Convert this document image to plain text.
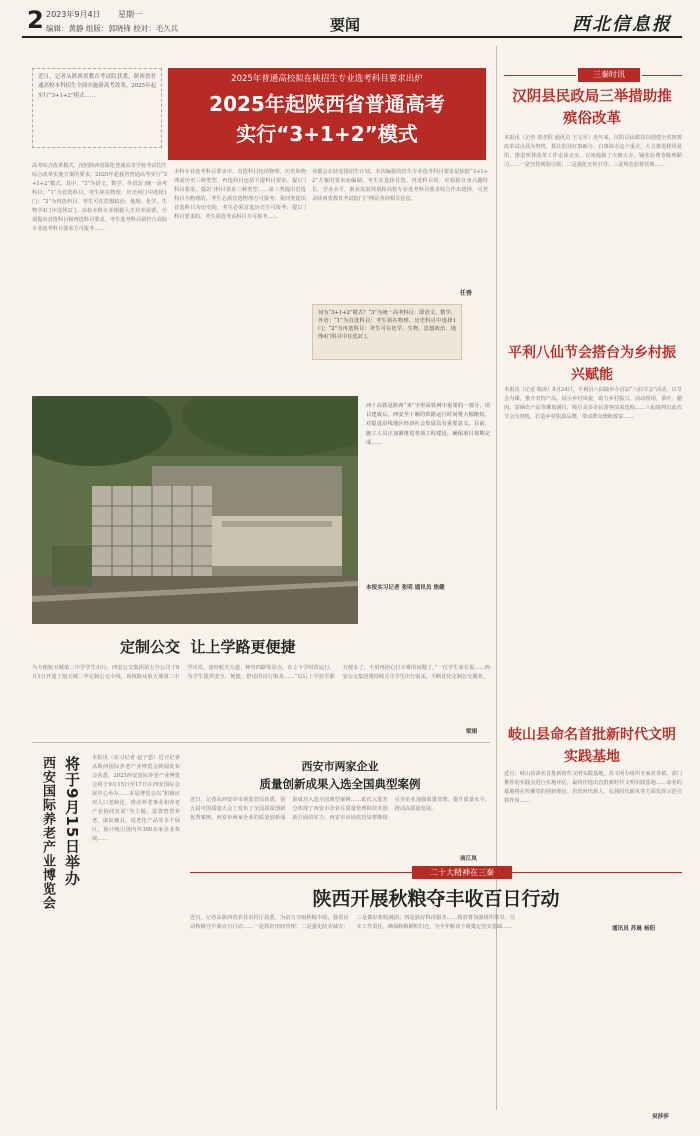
2 2023年9月4日 星期一
编辑：黄静 组版：郭晓锋 校对：毛久兵	要闻	西北信息报
近日，记者从陕西省教育考试院获悉，陕西省普通高校本科招生全面实施新高考改革，2025年起实行“3+1+2”模式……
2025年普通高校拟在陕招生专业选考科目要求出炉
2025年起陕西省普通高考
实行“3+1+2”模式
高考综合改革模式。按照陕西省深化普通高等学校考试招生综合改革实施方案的要求，2025年起我省普通高考实行“3+1+2”模式。其中，“3”为语文、数学、外语3门统一高考科目；“1”为首选科目，考生须在物理、历史两门中选择1门；“2”为再选科目，考生可在思想政治、地理、化学、生物学4门中选择2门。高校本科专业根据人才培养需要，分别提出首选科目和再选科目要求，考生选考科目须符合高校专业选考科目要求方可报考……
本科专业选考科目要求中，首选科目包括物理、历史和物理或历史三种类型，再选科目包括不提科目要求、提1门科目要求、提2门科目要求三种类型……第三类提出首选科目为物理的，考生必须首选物理方可报考；第四类提出首选科目为历史的，考生必须首选历史方可报考；提1门科目要求的，考生须选考该科目方可报考……
业都会在陕安排招生计划。本次编报的招生专业选考科目要求是依据“3+1+2”方案的要求而编制，考生在选择首选、再选科目时，应根据自身兴趣特长、学业水平、职业发展规划和高校专业选考科目要求综合作出选择，可登录陕西省教育考试院门户网站查询相关信息。
任香
何为“3+1+2”模式？“3”为统一高考科目：即语文、数学、外语；“1”为首选科目：考生须在物理、历史科目中选择1门；“2”为再选科目：考生可在化学、生物、思想政治、地理4门科目中任选2门。
三秦时讯
汉阴县民政局三举措助推殡俗改革
本报讯（记者 贺孝程 通讯员 王文军）近年来，汉阴县民政局以创建全省殡葬改革试点县为契机，抓住倡导红事新办、白事简办这个重点，大力推进移风易俗，推进殡葬改革工作走深走实，有效遏制了大操大办、铺张浪费等陈规陋习……一是坚持规划引领；二是强化宣传引导；三是规范监督管理……
平利八仙节会搭台为乡村振兴赋能
本报讯（记者 陈涛）8月24日，平利县八仙镇举办首届“八仙节会”活动，以节会为媒，推介农特产品，展示乡村风貌，助力乡村振兴。活动现场，茶叶、腊肉、富硒农产品等琳琅满目，吸引众多市民游客前来选购……八仙镇将以此次节会为契机，打造乡村旅游品牌，带动群众增收致富……
岐山县命名首批新时代文明实践基地
近日，岐山县命名首批新时代文明实践基地，县文明办组织专家对各镇、部门推荐的实践点进行实地评估，最终评选出首批新时代文明实践基地……命名的基地将在传播党的创新理论、培育时代新人、弘扬时代新风等方面发挥示范引领作用……
通讯员 苏晨 杨阳
西十高铁是陕西“米”字形高铁网中重要的一部分，项目建成后，西安至十堰的铁路运行时间将大幅缩短，对促进沿线地区经济社会发展具有重要意义。目前，施工人员正加紧推进各项工程建设，确保项目按期完成……
本报实习记者 张明 通讯员 焦健
定制公交  让上学路更便捷
为方便航天城第二中学学生出行，西安公交集团第五分公司于9月1日开通了航天城二中定制公交专线，该线路从航天城第二中学出发，途经航天大道、神舟四路等站点，在上下学时段运行，为学生提供安全、便捷、舒适的出行服务……“以后上学放学都方便多了，不用再担心打车难的问题了。”一位学生家长说……西安公交集团将持续关注学生出行需求，不断优化定制公交服务。
梁娟
将于9月15日举办
西安国际养老产业博览会	本报讯（实习记者 赵子恩）近日记者从陕西国际养老产业博览会新闻发布会获悉，2023西安国际养老产业博览会将于9月15日至17日在西安国际会展中心举办……本届博览会以“积极应对人口老龄化，推动养老事业和养老产业协同发展”为主题，设置智慧养老、康复辅具、适老化产品等多个展区，预计吸引国内外300余家企业参展……
西安市两家企业
质量创新成果入选全国典型案例
近日，记者从西安市市场监管局获悉，第五届中国质量大会上发布了全国质量创新优秀案例，西安市两家企业的质量创新成果成功入选全国典型案例……此次入选充分体现了西安市企业在质量管理和技术创新方面的实力，西安市市场监管局将继续引导企业加强质量管理，提升质量水平，推动高质量发展。
南江岚
二十大精神在三秦
陕西开展秋粮夺丰收百日行动
近日，记者从陕西省农业农村厅获悉，为奋力夺取秋粮丰收，我省启动秋粮夺丰收百日行动……一是抓好田间管理；二是强化防灾减灾；三是做好机收减损；四是搞好科技服务……我省将加强组织领导，压实工作责任，确保秋粮颗粒归仓，为全年粮食丰收奠定坚实基础……
吴莎莎
